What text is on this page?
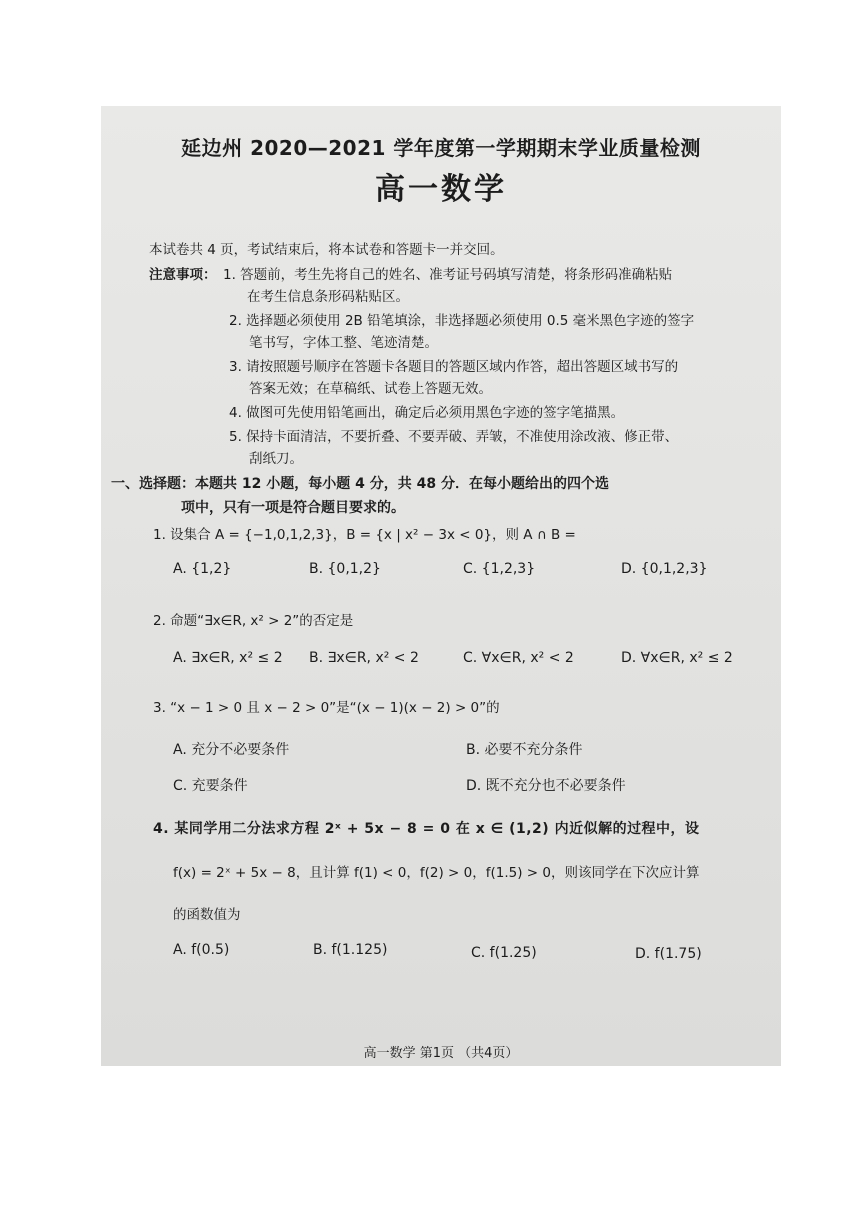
延边州 2020—2021 学年度第一学期期末学业质量检测
高一数学
本试卷共 4 页，考试结束后，将本试卷和答题卡一并交回。
注意事项： 1. 答题前，考生先将自己的姓名、准考证号码填写清楚，将条形码准确粘贴
在考生信息条形码粘贴区。
2. 选择题必须使用 2B 铅笔填涂，非选择题必须使用 0.5 毫米黑色字迹的签字
笔书写，字体工整、笔迹清楚。
3. 请按照题号顺序在答题卡各题目的答题区域内作答，超出答题区域书写的
答案无效；在草稿纸、试卷上答题无效。
4. 做图可先使用铅笔画出，确定后必须用黑色字迹的签字笔描黑。
5. 保持卡面清洁，不要折叠、不要弄破、弄皱，不准使用涂改液、修正带、
刮纸刀。
一、选择题：本题共 12 小题，每小题 4 分，共 48 分．在每小题给出的四个选
项中，只有一项是符合题目要求的。
1. 设集合 A = {−1,0,1,2,3}，B = {x | x² − 3x < 0}，则 A ∩ B =
A. {1,2}	B. {0,1,2}	C. {1,2,3}	D. {0,1,2,3}
2. 命题“∃x∈R, x² > 2”的否定是
A. ∃x∈R, x² ≤ 2 B. ∃x∈R, x² < 2	C. ∀x∈R, x² < 2	D. ∀x∈R, x² ≤ 2
3. “x − 1 > 0 且 x − 2 > 0”是“(x − 1)(x − 2) > 0”的
A. 充分不必要条件	B. 必要不充分条件
C. 充要条件	D. 既不充分也不必要条件
4. 某同学用二分法求方程 2ˣ + 5x − 8 = 0 在 x ∈ (1,2) 内近似解的过程中，设
f(x) = 2ˣ + 5x − 8，且计算 f(1) < 0，f(2) > 0，f(1.5) > 0，则该同学在下次应计算
的函数值为
A. f(0.5)	B. f(1.125)	C. f(1.25)	D. f(1.75)
高一数学 第1页 （共4页）
